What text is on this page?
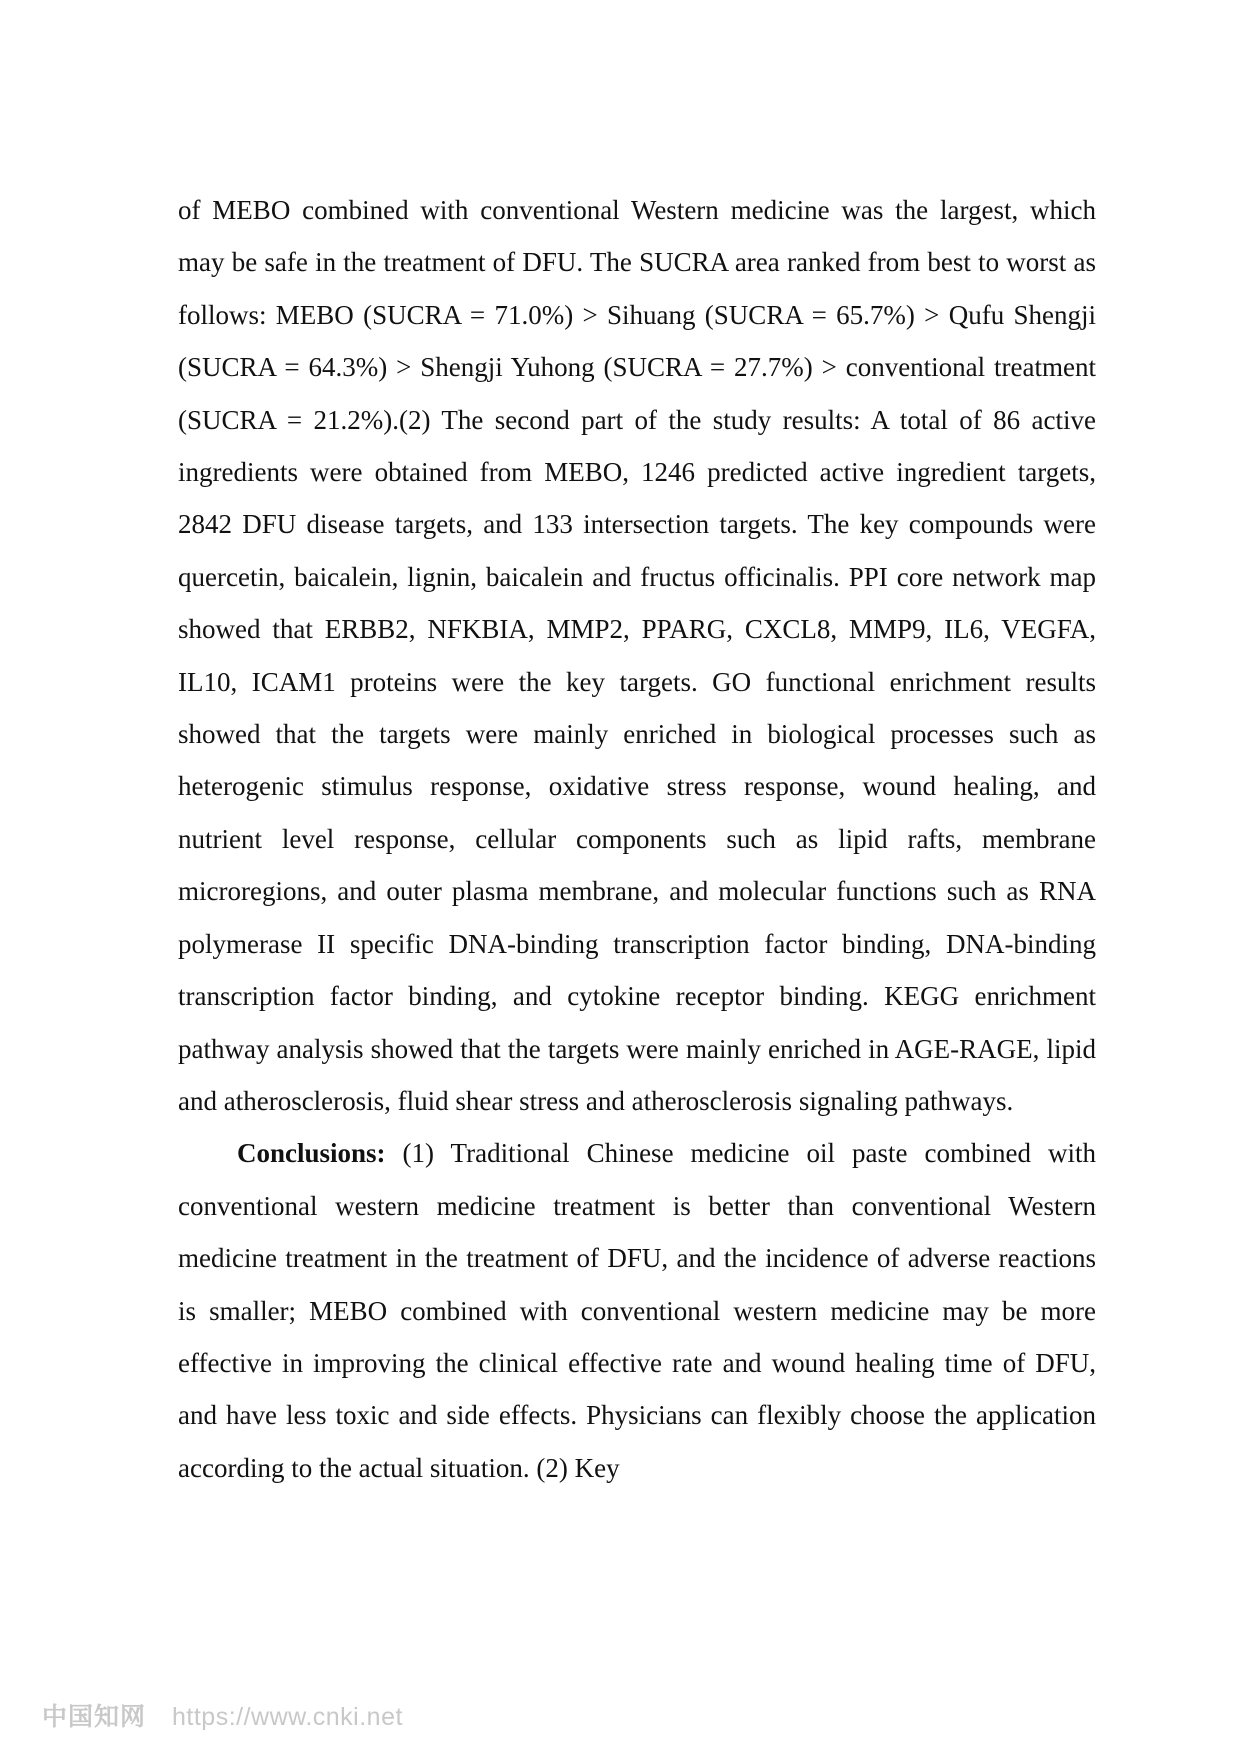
of MEBO combined with conventional Western medicine was the largest, which may be safe in the treatment of DFU. The SUCRA area ranked from best to worst as follows: MEBO (SUCRA = 71.0%) > Sihuang (SUCRA = 65.7%) > Qufu Shengji (SUCRA = 64.3%) > Shengji Yuhong (SUCRA = 27.7%) > conventional treatment (SUCRA = 21.2%).(2) The second part of the study results: A total of 86 active ingredients were obtained from MEBO, 1246 predicted active ingredient targets, 2842 DFU disease targets, and 133 intersection targets. The key compounds were quercetin, baicalein, lignin, baicalein and fructus officinalis. PPI core network map showed that ERBB2, NFKBIA, MMP2, PPARG, CXCL8, MMP9, IL6, VEGFA, IL10, ICAM1 proteins were the key targets. GO functional enrichment results showed that the targets were mainly enriched in biological processes such as heterogenic stimulus response, oxidative stress response, wound healing, and nutrient level response, cellular components such as lipid rafts, membrane microregions, and outer plasma membrane, and molecular functions such as RNA polymerase II specific DNA-binding transcription factor binding, DNA-binding transcription factor binding, and cytokine receptor binding. KEGG enrichment pathway analysis showed that the targets were mainly enriched in AGE-RAGE, lipid and atherosclerosis, fluid shear stress and atherosclerosis signaling pathways.

Conclusions: (1) Traditional Chinese medicine oil paste combined with conventional western medicine treatment is better than conventional Western medicine treatment in the treatment of DFU, and the incidence of adverse reactions is smaller; MEBO combined with conventional western medicine may be more effective in improving the clinical effective rate and wound healing time of DFU, and have less toxic and side effects. Physicians can flexibly choose the application according to the actual situation. (2) Key

中国知网 https://www.cnki.net
